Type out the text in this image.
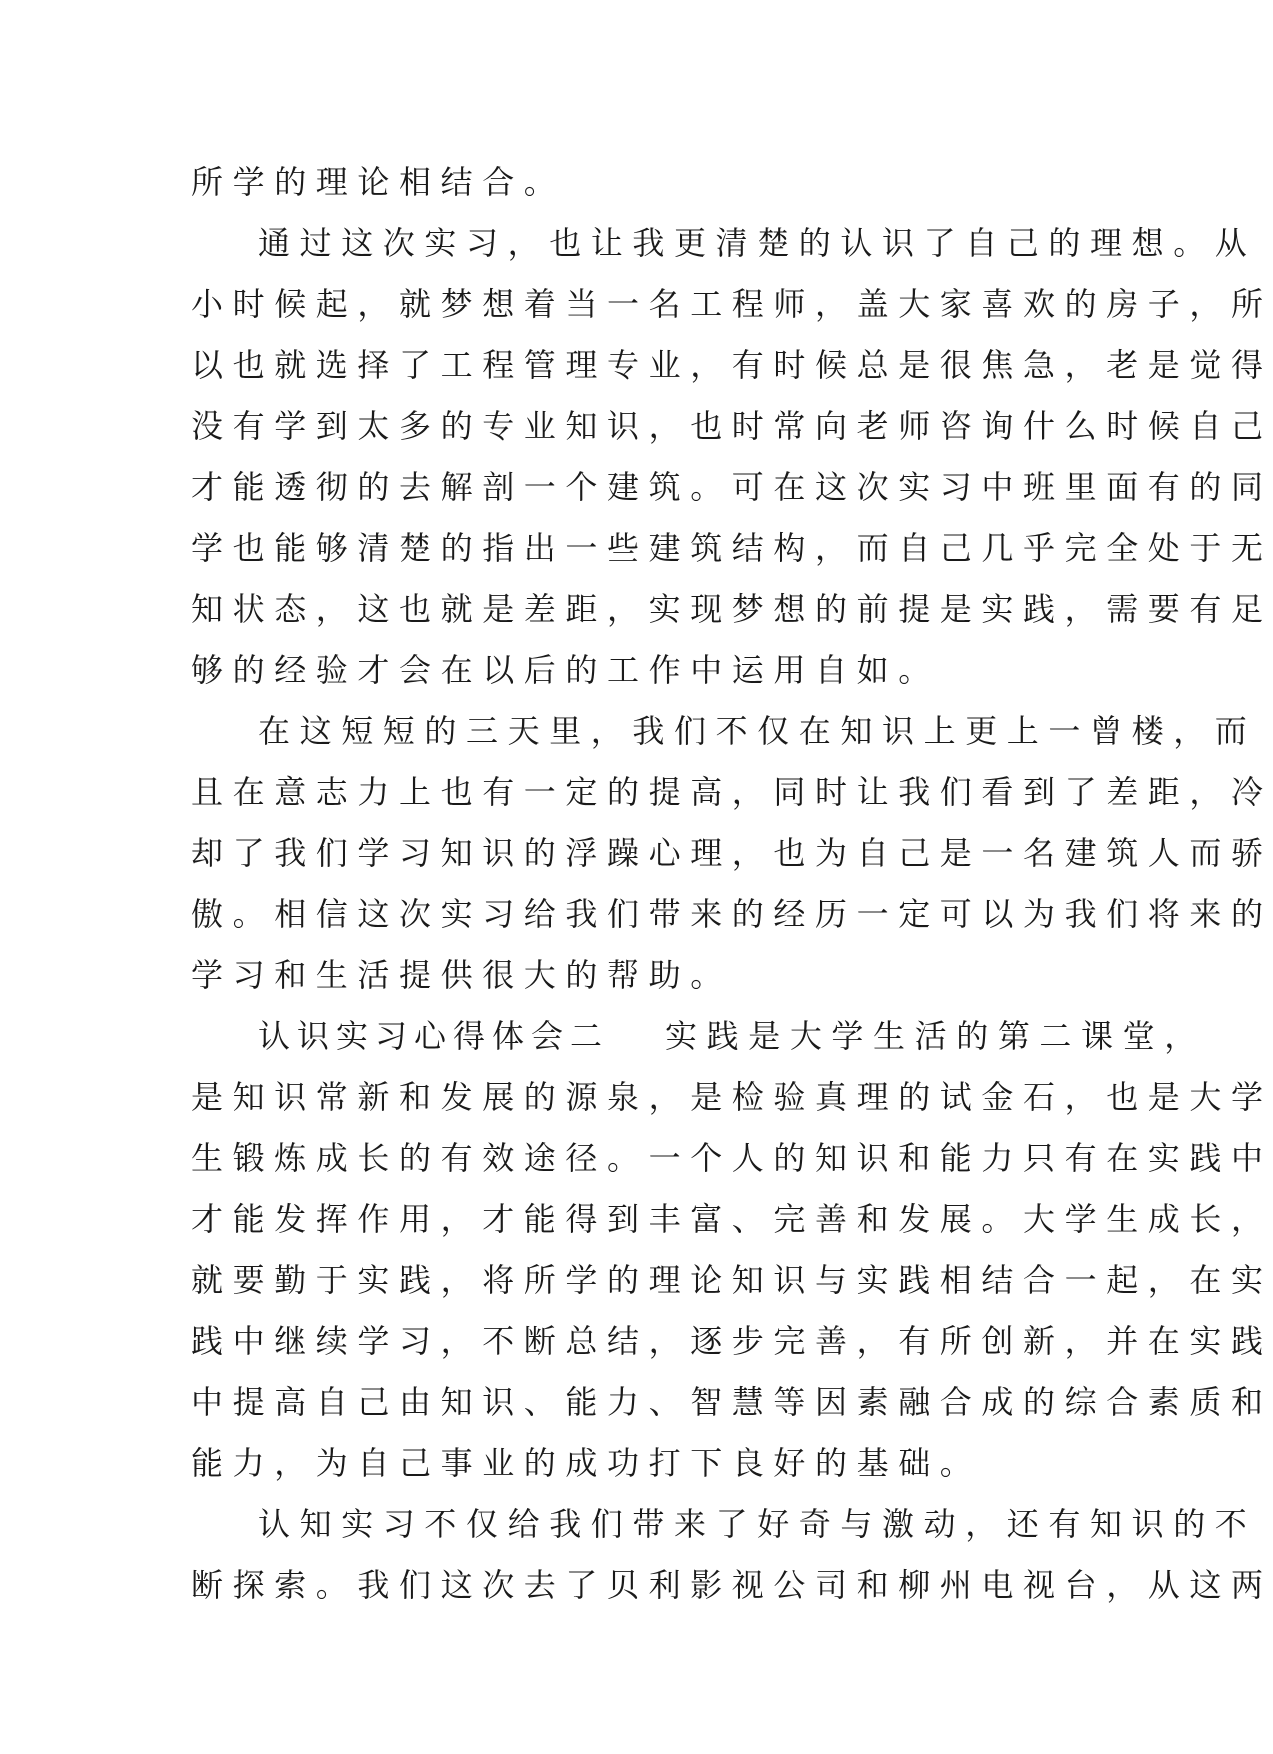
所学的理论相结合。
通过这次实习，也让我更清楚的认识了自己的理想。从
小时候起，就梦想着当一名工程师，盖大家喜欢的房子，所
以也就选择了工程管理专业，有时候总是很焦急，老是觉得
没有学到太多的专业知识，也时常向老师咨询什么时候自己
才能透彻的去解剖一个建筑。可在这次实习中班里面有的同
学也能够清楚的指出一些建筑结构，而自己几乎完全处于无
知状态，这也就是差距，实现梦想的前提是实践，需要有足
够的经验才会在以后的工作中运用自如。
在这短短的三天里，我们不仅在知识上更上一曾楼，而
且在意志力上也有一定的提高，同时让我们看到了差距，冷
却了我们学习知识的浮躁心理，也为自己是一名建筑人而骄
傲。相信这次实习给我们带来的经历一定可以为我们将来的
学习和生活提供很大的帮助。
认识实习心得体会二 实践是大学生活的第二课堂，
是知识常新和发展的源泉，是检验真理的试金石，也是大学
生锻炼成长的有效途径。一个人的知识和能力只有在实践中
才能发挥作用，才能得到丰富、完善和发展。大学生成长，
就要勤于实践，将所学的理论知识与实践相结合一起，在实
践中继续学习，不断总结，逐步完善，有所创新，并在实践
中提高自己由知识、能力、智慧等因素融合成的综合素质和
能力，为自己事业的成功打下良好的基础。
认知实习不仅给我们带来了好奇与激动，还有知识的不
断探索。我们这次去了贝利影视公司和柳州电视台，从这两
